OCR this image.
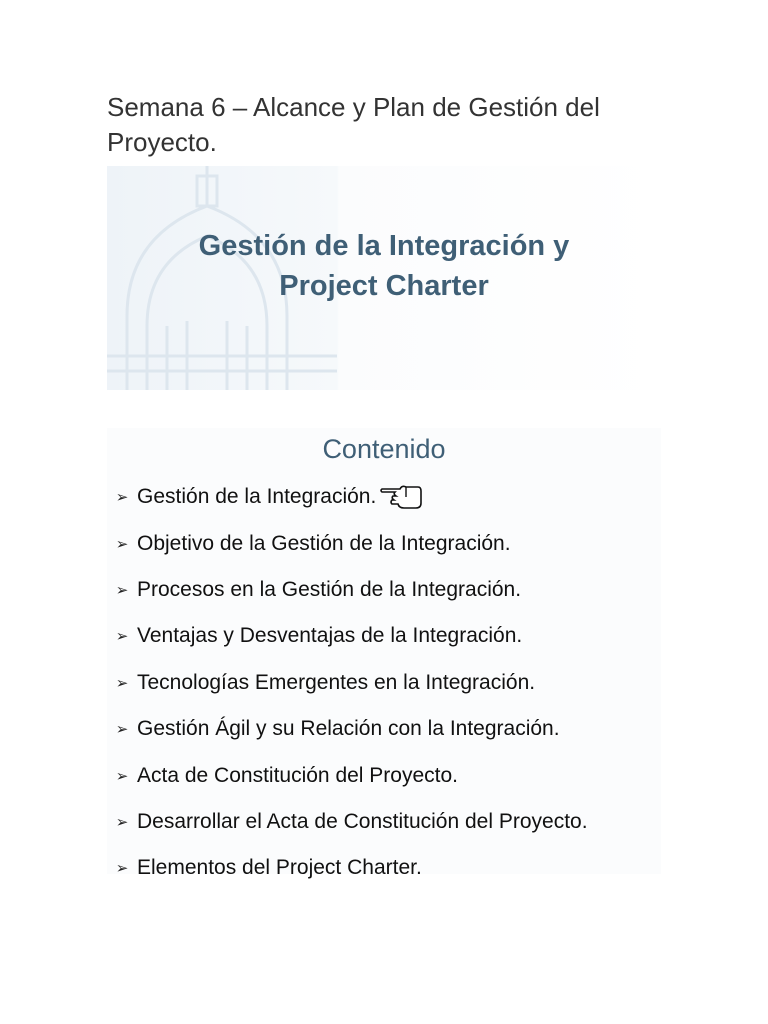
Semana 6 – Alcance y Plan de Gestión del Proyecto.
Gestión de la Integración y
Project Charter
Contenido
➢ Gestión de la Integración.
➢ Objetivo de la Gestión de la Integración.
➢ Procesos en la Gestión de la Integración.
➢ Ventajas y Desventajas de la Integración.
➢ Tecnologías Emergentes en la Integración.
➢ Gestión Ágil y su Relación con la Integración.
➢ Acta de Constitución del Proyecto.
➢ Desarrollar el Acta de Constitución del Proyecto.
➢ Elementos del Project Charter.
